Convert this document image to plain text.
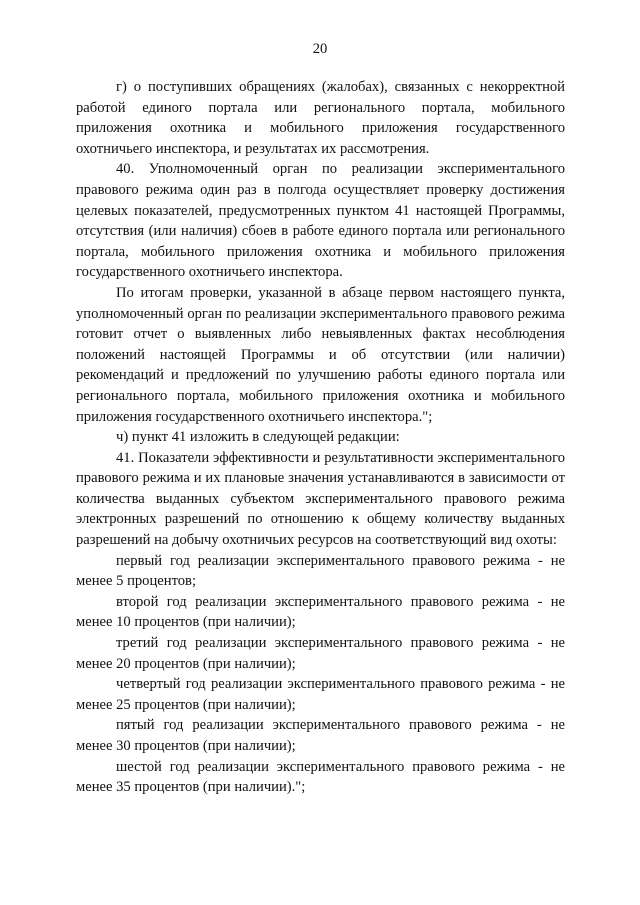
20

г) о поступивших обращениях (жалобах), связанных с некорректной работой единого портала или регионального портала, мобильного приложения охотника и мобильного приложения государственного охотничьего инспектора, и результатах их рассмотрения.

40. Уполномоченный орган по реализации экспериментального правового режима один раз в полгода осуществляет проверку достижения целевых показателей, предусмотренных пунктом 41 настоящей Программы, отсутствия (или наличия) сбоев в работе единого портала или регионального портала, мобильного приложения охотника и мобильного приложения государственного охотничьего инспектора.

По итогам проверки, указанной в абзаце первом настоящего пункта, уполномоченный орган по реализации экспериментального правового режима готовит отчет о выявленных либо невыявленных фактах несоблюдения положений настоящей Программы и об отсутствии (или наличии) рекомендаций и предложений по улучшению работы единого портала или регионального портала, мобильного приложения охотника и мобильного приложения государственного охотничьего инспектора.";

ч) пункт 41 изложить в следующей редакции:

41. Показатели эффективности и результативности экспериментального правового режима и их плановые значения устанавливаются в зависимости от количества выданных субъектом экспериментального правового режима электронных разрешений по отношению к общему количеству выданных разрешений на добычу охотничьих ресурсов на соответствующий вид охоты:

первый год реализации экспериментального правового режима - не менее 5 процентов;

второй год реализации экспериментального правового режима - не менее 10 процентов (при наличии);

третий год реализации экспериментального правового режима - не менее 20 процентов (при наличии);

четвертый год реализации экспериментального правового режима - не менее 25 процентов (при наличии);

пятый год реализации экспериментального правового режима - не менее 30 процентов (при наличии);

шестой год реализации экспериментального правового режима - не менее 35 процентов (при наличии).";
